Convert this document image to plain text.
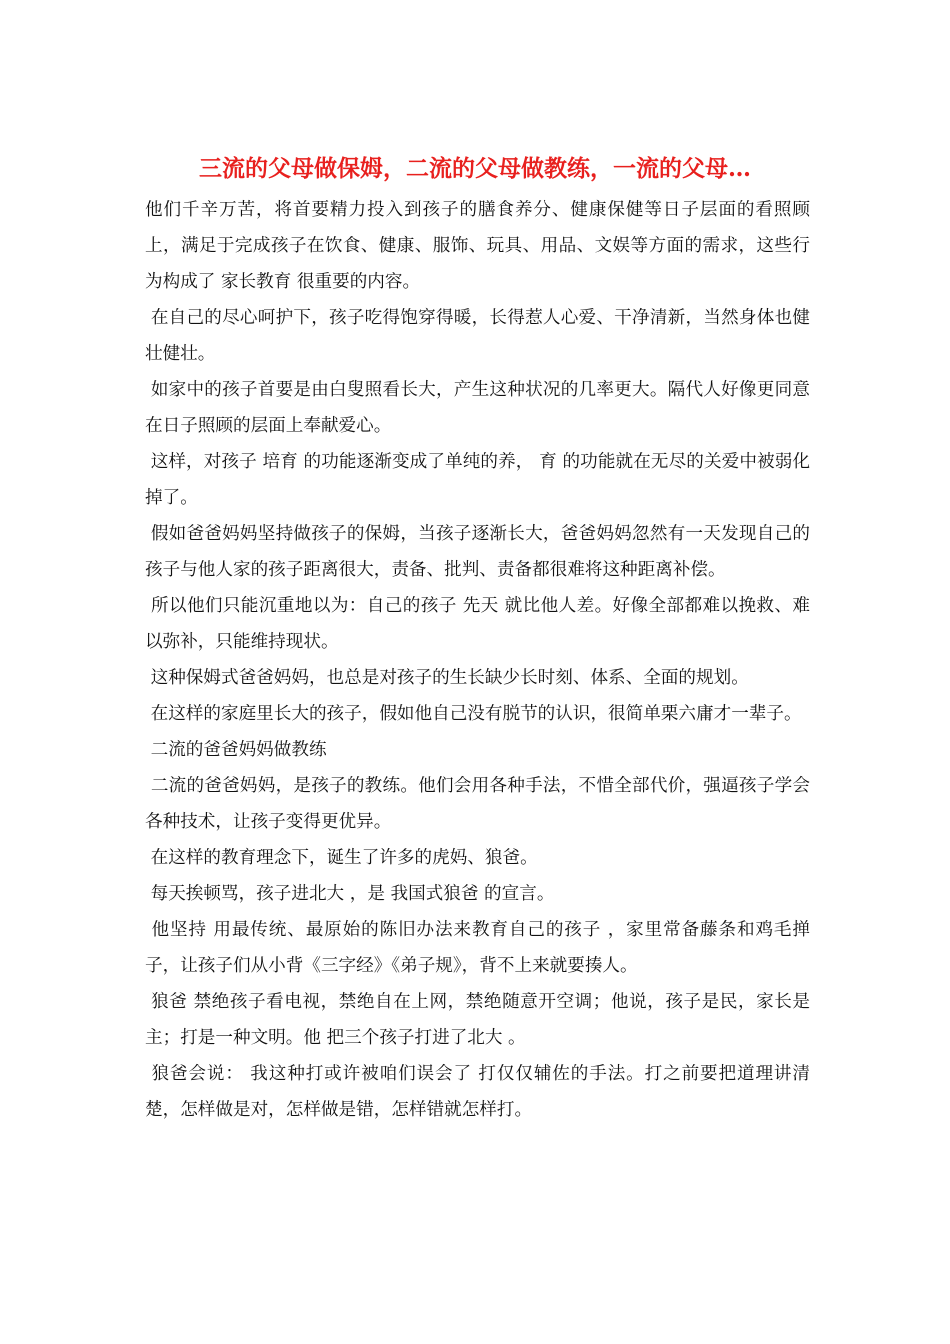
三流的父母做保姆，二流的父母做教练，一流的父母…

他们千辛万苦，将首要精力投入到孩子的膳食养分、健康保健等日子层面的看照顾上，满足于完成孩子在饮食、健康、服饰、玩具、用品、文娱等方面的需求，这些行为构成了 家长教育 很重要的内容。

在自己的尽心呵护下，孩子吃得饱穿得暖，长得惹人心爱、干净清新，当然身体也健壮健壮。

如家中的孩子首要是由白叟照看长大，产生这种状况的几率更大。隔代人好像更同意在日子照顾的层面上奉献爱心。

这样，对孩子 培育 的功能逐渐变成了单纯的养， 育 的功能就在无尽的关爱中被弱化掉了。

假如爸爸妈妈坚持做孩子的保姆，当孩子逐渐长大，爸爸妈妈忽然有一天发现自己的孩子与他人家的孩子距离很大，责备、批判、责备都很难将这种距离补偿。

所以他们只能沉重地以为：自己的孩子 先天 就比他人差。好像全部都难以挽救、难以弥补，只能维持现状。

这种保姆式爸爸妈妈，也总是对孩子的生长缺少长时刻、体系、全面的规划。

在这样的家庭里长大的孩子，假如他自己没有脱节的认识，很简单栗六庸才一辈子。

二流的爸爸妈妈做教练

二流的爸爸妈妈，是孩子的教练。他们会用各种手法，不惜全部代价，强逼孩子学会各种技术，让孩子变得更优异。

在这样的教育理念下，诞生了许多的虎妈、狼爸。

每天挨顿骂，孩子进北大 ，是 我国式狼爸 的宣言。

他坚持 用最传统、最原始的陈旧办法来教育自己的孩子 ，家里常备藤条和鸡毛掸子，让孩子们从小背《三字经》《弟子规》，背不上来就要揍人。

狼爸 禁绝孩子看电视，禁绝自在上网，禁绝随意开空调；他说，孩子是民，家长是主；打是一种文明。他 把三个孩子打进了北大 。

狼爸会说： 我这种打或许被咱们误会了 打仅仅辅佐的手法。打之前要把道理讲清楚，怎样做是对，怎样做是错，怎样错就怎样打。
